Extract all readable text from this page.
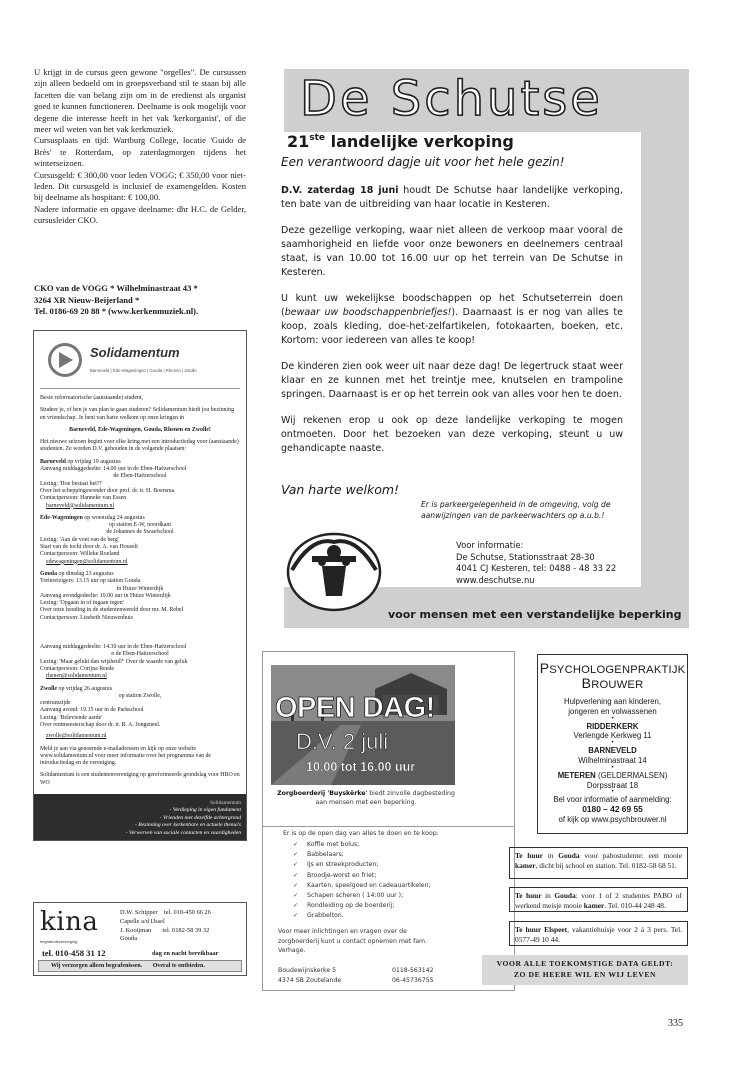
U krijgt in de cursus geen gewone "orgelles". De cursussen zijn alleen bedoeld om in groepsverband stil te staan bij alle facetten die van belang zijn om in de eredienst als organist goed te kunnen functioneren. Deelname is ook mogelijk voor degene die interesse heeft in het vak 'kerkorganist', of die meer wil weten van het vak kerkmuziek.

Cursusplaats en tijd: Wartburg College, locatie 'Guido de Brès' te Rotterdam, op zaterdagmorgen tijdens het winterseizoen.

Cursusgeld: € 300,00 voor leden VOGG; € 350,00 voor niet-leden. Dit cursusgeld is inclusief de examengelden. Kosten bij deelname als hospitant: € 100,00.

Nadere informatie en opgave deelname: dhr H.C. de Gelder, cursusleider CKO.

CKO van de VOGG * Wilhelminastraat 43 *
3264 XR Nieuw-Beijerland *
Tel. 0186-69 20 88 * (www.kerkenmuziek.nl).
Solidamentum
Barneveld | Ede-Wageningen | Gouda | Rhenen | Zwolle
Beste reformatorische (aanstaande) student,
Studeer je, of ben je van plan te gaan studeren? Solidamentum biedt jou bezinning en vriendschap. Je bent van harte welkom op onze kringen in
Barneveld, Ede-Wageningen, Gouda, Rhenen en Zwolle!
Het nieuwe seizoen begint voor elke kring met een introductiedag voor (aanstaande) studenten. Ze worden D.V. gehouden in de volgende plaatsen:
Barneveld op vrijdag 19 augustus
Aanvang middaggedeelte: 14.00 uur in de Eben-Haëzerschool
de Eben-Haëzerschool
Lezing: 'Hoe bestaat het?!'
Over het scheppingswonder door prof. dr. ir. H. Boersma.
Contactpersoon: Hanneke van Essen
barneveld@solidamentum.nl
Ede-Wageningen op woensdag 24 augustus
op station E-W, noordkant
de Johannes de Swaefschool
Lezing: 'Aan de voet van de berg'
Start van de tocht door dr. A. van Houselt
Contactpersoon: Willeke Roeland
edewageningen@solidamentum.nl
Gouda op dinsdag 23 augustus
Treinreizigers: 13.15 uur op station Gouda
in Huize Winterdijk
Aanvang avondgedeelte: 19.00 uur in Huize Winterdijk
Lezing: 'Opgaan in of ingaan tegen'
Over onze houding in de studentenwereld door mr. M. Rebel
Contactpersoon: Liesbeth Nieuwenhuis
Aanvang middaggedeelte: 14.30 uur in de Eben-Haëzerschool
n de Eben-Haëzerschool
Lezing: 'Maar gelukt dan wijsheid?' Over de waarde van geluk
Contactpersoon: Corijna Reede
rhenen@solidamentum.nl
Zwolle op vrijdag 26 augustus
op station Zwolle,
centrumzijde
Aanvang avond: 19.15 uur in de Parkschool
Lezing: 'Beleviende aarde'
Over rentmeesterschap door dr. ir. R. A. Jongeneel.
zwolle@solidamentum.nl
Meld je aan via genoemde e-mailadressen en kijk op onze website www.solidamentum.nl voor meer informatie over het programma van de introductiedag en de vereniging.
Solidamentum is een studentenvereniging op gereformeerde grondslag voor HBO en WO
Solidamentum
- Verdieping in eigen fundament
- Vrienden met dezelfde achtergrond
- Bezinning over kerkenbare en actuele thema's
- Verwerven van sociale contacten en vaardigheden
kina
begrafenisverzorging
D.W. Schipper    tel. 010-450 66 26
Capelle a/d IJssel
J. Kooijman       tel. 0182-58 39 32
Gouda
tel. 010-458 31 12	dag en nacht bereikbaar
Wij verzorgen alleen begrafenissen.       Overal te ontbieden.
De Schutse
21ste landelijke verkoping
Een verantwoord dagje uit voor het hele gezin!

D.V. zaterdag 18 juni houdt De Schutse haar landelijke verkoping, ten bate van de uitbreiding van haar locatie in Kesteren.

Deze gezellige verkoping, waar niet alleen de verkoop maar vooral de saamhorigheid en liefde voor onze bewoners en deelnemers centraal staat, is van 10.00 tot 16.00 uur op het terrein van De Schutse in Kesteren.

U kunt uw wekelijkse boodschappen op het Schutseterrein doen (bewaar uw boodschappenbriefjes!). Daarnaast is er nog van alles te koop, zoals kleding, doe-het-zelfartikelen, fotokaarten, boeken, etc. Kortom: voor iedereen van alles te koop!

De kinderen zien ook weer uit naar deze dag! De legertruck staat weer klaar en ze kunnen met het treintje mee, knutselen en trampoline springen. Daarnaast is er op het terrein ook van alles voor hen te doen.

Wij rekenen erop u ook op deze landelijke verkoping te mogen ontmoeten. Door het bezoeken van deze verkoping, steunt u uw gehandicapte naaste.

Van harte welkom!
Er is parkeergelegenheid in de omgeving, volg de aanwijzingen van de parkeerwachters op a.u.b.!
Voor informatie:
De Schutse, Stationsstraat 28-30
4041 CJ Kesteren, tel: 0488 - 48 33 22
www.deschutse.nu
voor mensen met een verstandelijke beperking
OPEN DAG!
D.V. 2 juli
10.00 tot 16.00 uur
Zorgboerderij 'Buyskërke' biedt zinvolle dagbesteding aan mensen met een beperking.
Er is op de open dag van alles te doen en te koop:
✓ Koffie met bolus;
✓ Babbelaars;
✓ IJs en streekproducten;
✓ Broodje-worst en friet;
✓ Kaarten, speelgoed en cadeauartikelen;
✓ Schapen scheren ( 14:00 uur );
✓ Rondleiding op de boerderij;
✓ Grabbelton.
Voor meer inlichtingen en vragen over de zorgboerderij kunt u contact opnemen met fam. Verhage.
Boudewijnskerke 5
4374 SB Zoutelande
0118-563142
06-45736755
PSYCHOLOGENPRAKTIJK
BROUWER
Hulpverlening aan kinderen,
jongeren en volwassenen
•
RIDDERKERK
Verlengde Kerkweg 11
•
BARNEVELD
Wilhelminastraat 14
•
METEREN (GELDERMALSEN)
Dorpsstraat 18
•
Bel voor informatie of aanmelding:
0180 – 42 69 55
of kijk op www.psychbrouwer.nl
Te huur in Gouda voor pabostudente: een mooie kamer, dicht bij school en station. Tel. 0182-58 68 51.
Te huur in Gouda: voor 1 of 2 studentes PABO of werkend meisje mooie kamer. Tel. 010-44 248 48.
Te huur Elspeet, vakantiehuisje voor 2 à 3 pers. Tel. 0577-49 10 44.
VOOR ALLE TOEKOMSTIGE DATA GELDT:
ZO DE HEERE WIL EN WIJ LEVEN
335
